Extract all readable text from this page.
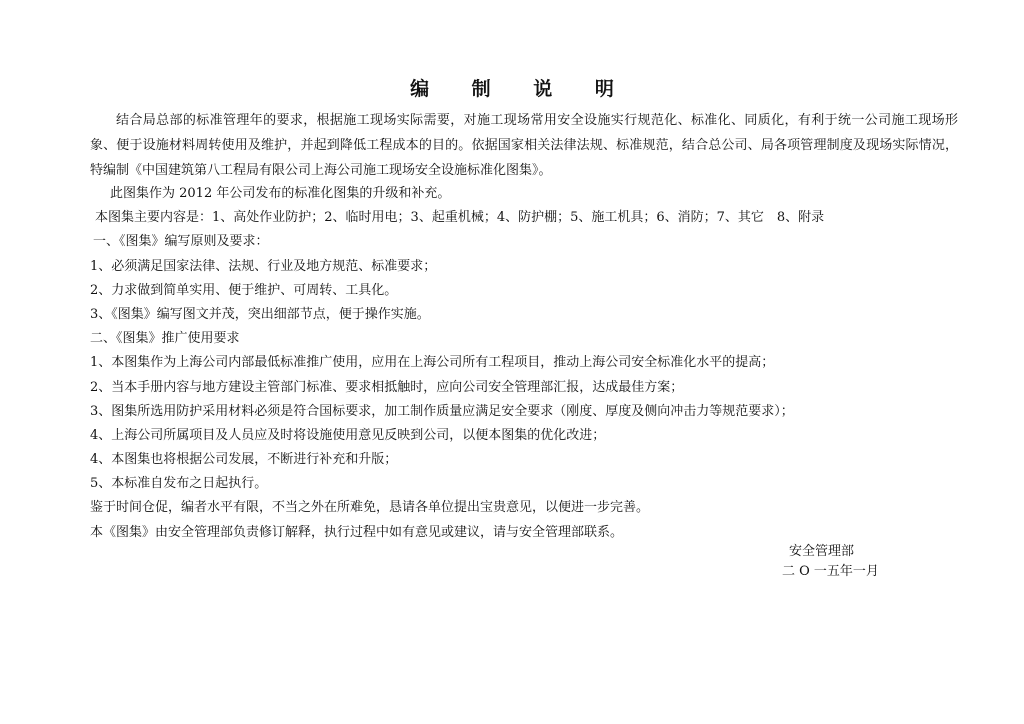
编 制 说 明
结合局总部的标准管理年的要求，根据施工现场实际需要，对施工现场常用安全设施实行规范化、标准化、同质化，有利于统一公司施工现场形象、便于设施材料周转使用及维护，并起到降低工程成本的目的。依据国家相关法律法规、标准规范，结合总公司、局各项管理制度及现场实际情况，特编制《中国建筑第八工程局有限公司上海公司施工现场安全设施标准化图集》。
此图集作为 2012 年公司发布的标准化图集的升级和补充。
本图集主要内容是：1、高处作业防护；2、临时用电；3、起重机械；4、防护棚；5、施工机具；6、消防；7、其它　8、附录
一、《图集》编写原则及要求：
1、必须满足国家法律、法规、行业及地方规范、标准要求；
2、力求做到简单实用、便于维护、可周转、工具化。
3、《图集》编写图文并茂，突出细部节点，便于操作实施。
二、《图集》推广使用要求
1、本图集作为上海公司内部最低标准推广使用，应用在上海公司所有工程项目，推动上海公司安全标准化水平的提高；
2、当本手册内容与地方建设主管部门标准、要求相抵触时，应向公司安全管理部汇报，达成最佳方案；
3、图集所选用防护采用材料必须是符合国标要求，加工制作质量应满足安全要求（刚度、厚度及侧向冲击力等规范要求）；
4、上海公司所属项目及人员应及时将设施使用意见反映到公司，以便本图集的优化改进；
4、本图集也将根据公司发展，不断进行补充和升版；
5、本标准自发布之日起执行。
鉴于时间仓促，编者水平有限，不当之外在所难免，恳请各单位提出宝贵意见，以便进一步完善。
本《图集》由安全管理部负责修订解释，执行过程中如有意见或建议，请与安全管理部联系。
安全管理部
二 O 一五年一月
